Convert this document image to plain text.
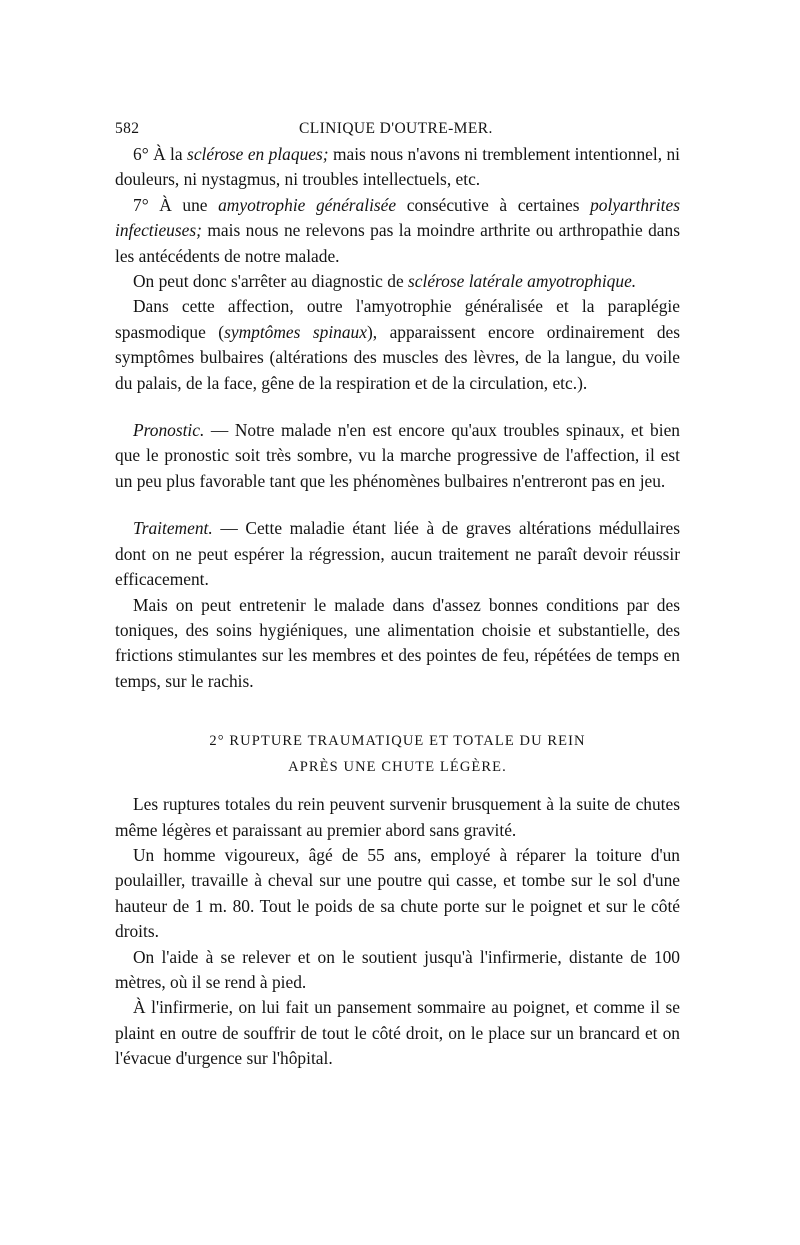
582	CLINIQUE D'OUTRE-MER.

6° À la sclérose en plaques; mais nous n'avons ni tremblement intentionnel, ni douleurs, ni nystagmus, ni troubles intellectuels, etc.

7° À une amyotrophie généralisée consécutive à certaines polyarthrites infectieuses; mais nous ne relevons pas la moindre arthrite ou arthropathie dans les antécédents de notre malade.

On peut donc s'arrêter au diagnostic de sclérose latérale amyotrophique.

Dans cette affection, outre l'amyotrophie généralisée et la paraplégie spasmodique (symptômes spinaux), apparaissent encore ordinairement des symptômes bulbaires (altérations des muscles des lèvres, de la langue, du voile du palais, de la face, gêne de la respiration et de la circulation, etc.).

Pronostic. — Notre malade n'en est encore qu'aux troubles spinaux, et bien que le pronostic soit très sombre, vu la marche progressive de l'affection, il est un peu plus favorable tant que les phénomènes bulbaires n'entreront pas en jeu.

Traitement. — Cette maladie étant liée à de graves altérations médullaires dont on ne peut espérer la régression, aucun traitement ne paraît devoir réussir efficacement.

Mais on peut entretenir le malade dans d'assez bonnes conditions par des toniques, des soins hygiéniques, une alimentation choisie et substantielle, des frictions stimulantes sur les membres et des pointes de feu, répétées de temps en temps, sur le rachis.

2° RUPTURE TRAUMATIQUE ET TOTALE DU REIN
APRÈS UNE CHUTE LÉGÈRE.

Les ruptures totales du rein peuvent survenir brusquement à la suite de chutes même légères et paraissant au premier abord sans gravité.

Un homme vigoureux, âgé de 55 ans, employé à réparer la toiture d'un poulailler, travaille à cheval sur une poutre qui casse, et tombe sur le sol d'une hauteur de 1 m. 80. Tout le poids de sa chute porte sur le poignet et sur le côté droits.

On l'aide à se relever et on le soutient jusqu'à l'infirmerie, distante de 100 mètres, où il se rend à pied.

À l'infirmerie, on lui fait un pansement sommaire au poignet, et comme il se plaint en outre de souffrir de tout le côté droit, on le place sur un brancard et on l'évacue d'urgence sur l'hôpital.
